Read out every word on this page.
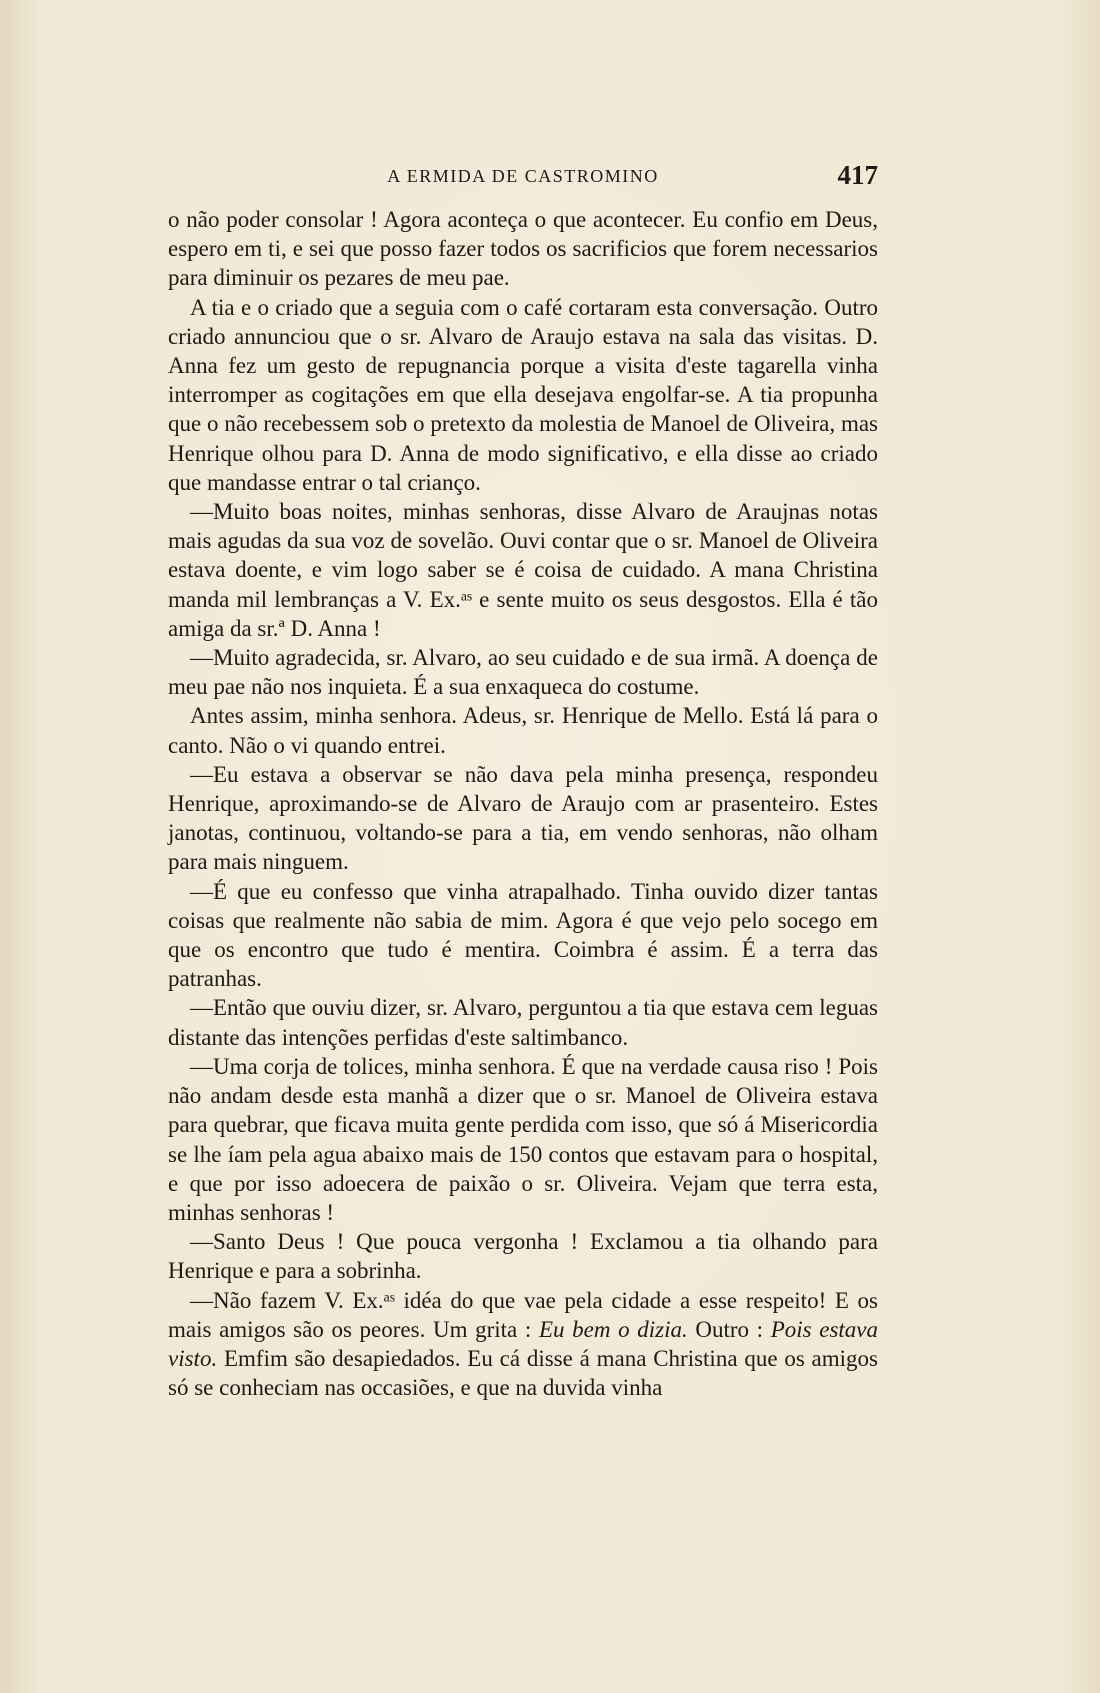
A ERMIDA DE CASTROMINO	417

o não poder consolar ! Agora aconteça o que acontecer. Eu confio em Deus, espero em ti, e sei que posso fazer todos os sacrificios que forem necessarios para diminuir os pezares de meu pae.

A tia e o criado que a seguia com o café cortaram esta conversação. Outro criado annunciou que o sr. Alvaro de Araujo estava na sala das visitas. D. Anna fez um gesto de repugnancia porque a visita d'este tagarella vinha interromper as cogitações em que ella desejava engolfar-se. A tia propunha que o não recebessem sob o pretexto da molestia de Manoel de Oliveira, mas Henrique olhou para D. Anna de modo significativo, e ella disse ao criado que mandasse entrar o tal crianço.

—Muito boas noites, minhas senhoras, disse Alvaro de Araujnas notas mais agudas da sua voz de sovelão. Ouvi contar que o sr. Manoel de Oliveira estava doente, e vim logo saber se é coisa de cuidado. A mana Christina manda mil lembranças a V. Ex.ᵃˢ e sente muito os seus desgostos. Ella é tão amiga da sr.ª D. Anna !

—Muito agradecida, sr. Alvaro, ao seu cuidado e de sua irmã. A doença de meu pae não nos inquieta. É a sua enxaqueca do costume.

Antes assim, minha senhora. Adeus, sr. Henrique de Mello. Está lá para o canto. Não o vi quando entrei.

—Eu estava a observar se não dava pela minha presença, respondeu Henrique, aproximando-se de Alvaro de Araujo com ar prasenteiro. Estes janotas, continuou, voltando-se para a tia, em vendo senhoras, não olham para mais ninguem.

—É que eu confesso que vinha atrapalhado. Tinha ouvido dizer tantas coisas que realmente não sabia de mim. Agora é que vejo pelo socego em que os encontro que tudo é mentira. Coimbra é assim. É a terra das patranhas.

—Então que ouviu dizer, sr. Alvaro, perguntou a tia que estava cem leguas distante das intenções perfidas d'este saltimbanco.

—Uma corja de tolices, minha senhora. É que na verdade causa riso ! Pois não andam desde esta manhã a dizer que o sr. Manoel de Oliveira estava para quebrar, que ficava muita gente perdida com isso, que só á Misericordia se lhe íam pela agua abaixo mais de 150 contos que estavam para o hospital, e que por isso adoecera de paixão o sr. Oliveira. Vejam que terra esta, minhas senhoras !

—Santo Deus ! Que pouca vergonha ! Exclamou a tia olhando para Henrique e para a sobrinha.

—Não fazem V. Ex.ᵃˢ idéa do que vae pela cidade a esse respeito! E os mais amigos são os peores. Um grita : Eu bem o dizia. Outro : Pois estava visto. Emfim são desapiedados. Eu cá disse á mana Christina que os amigos só se conheciam nas occasiões, e que na duvida vinha
